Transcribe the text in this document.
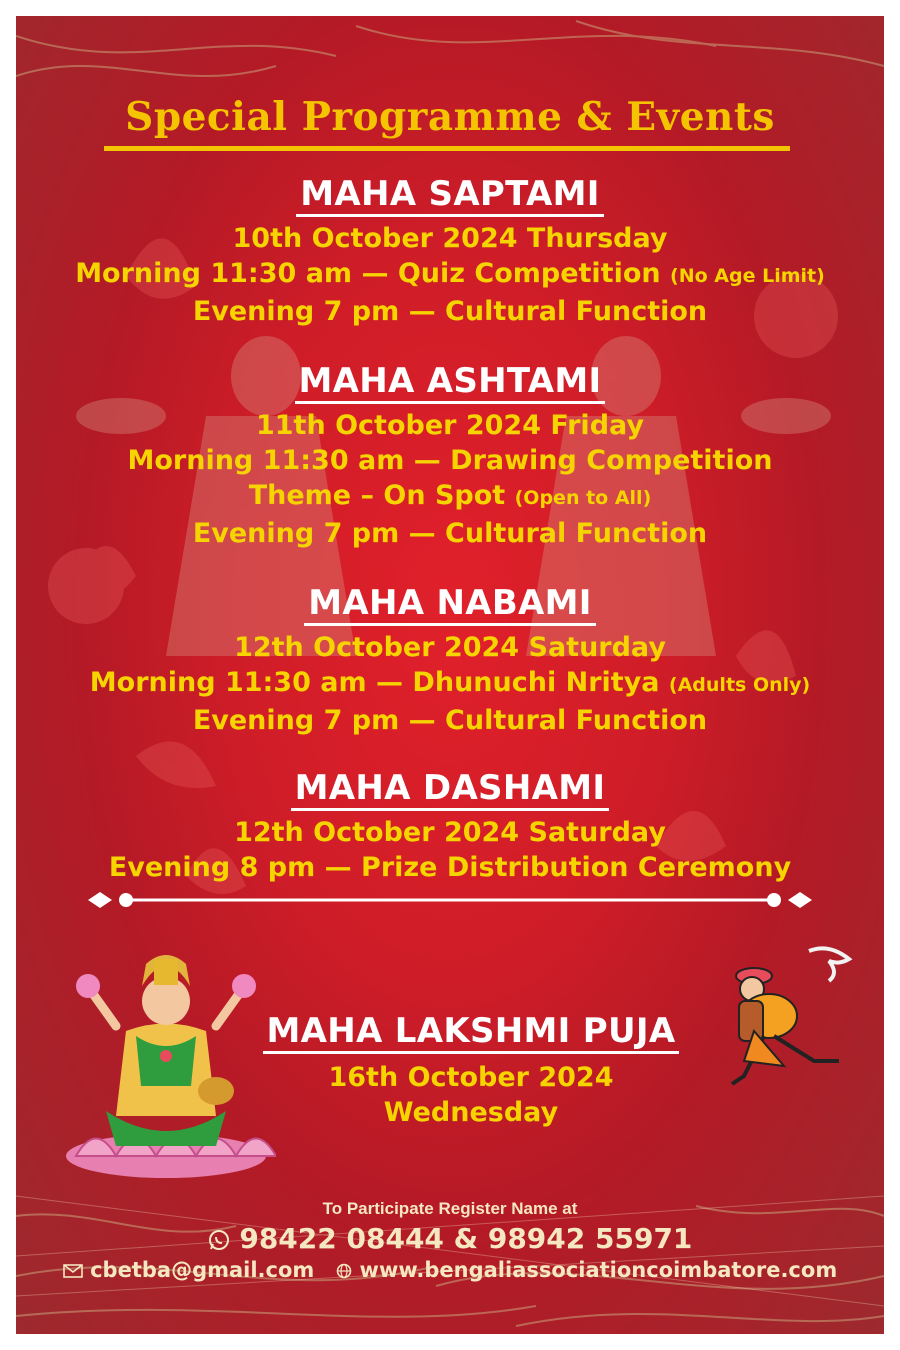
Special Programme & Events
MAHA SAPTAMI
10th October 2024 Thursday
Morning 11:30 am — Quiz Competition (No Age Limit)
Evening 7 pm — Cultural Function
MAHA ASHTAMI
11th October 2024 Friday
Morning 11:30 am — Drawing Competition
Theme – On Spot (Open to All)
Evening 7 pm — Cultural Function
MAHA NABAMI
12th October 2024 Saturday
Morning 11:30 am — Dhunuchi Nritya (Adults Only)
Evening 7 pm — Cultural Function
MAHA DASHAMI
12th October 2024 Saturday
Evening 8 pm — Prize Distribution Ceremony
MAHA LAKSHMI PUJA
16th October 2024 Wednesday
To Participate Register Name at
98422 08444 & 98942 55971
cbetba@gmail.com www.bengaliassociationcoimbatore.com
